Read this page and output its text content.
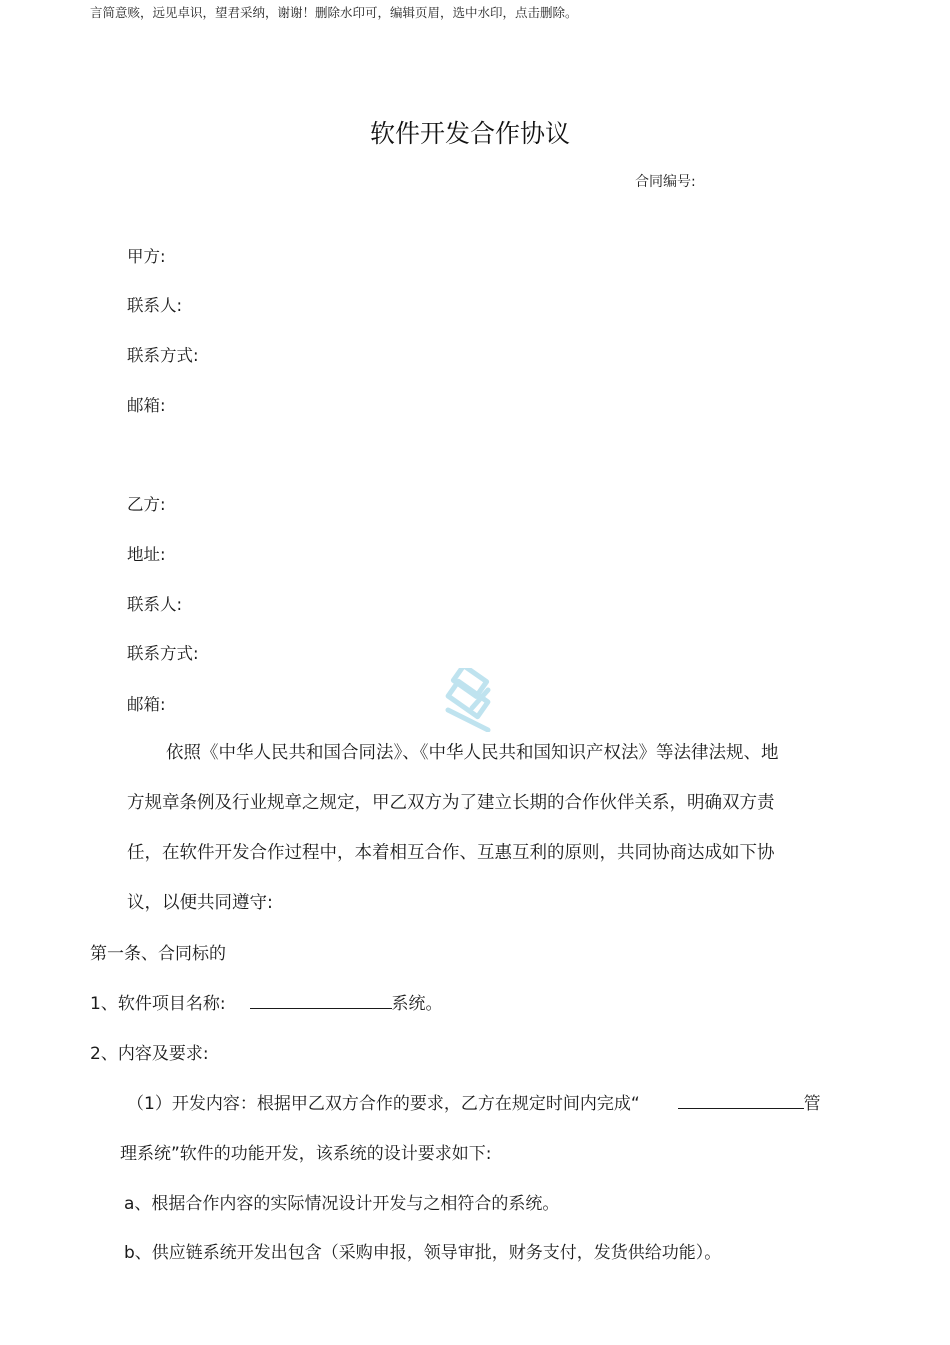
言简意赅，远见卓识，望君采纳，谢谢！删除水印可，编辑页眉，选中水印，点击删除。

软件开发合作协议

合同编号:

甲方:

联系人:

联系方式:

邮箱:

乙方:

地址:

联系人:

联系方式:

邮箱:

依照《中华人民共和国合同法》、《中华人民共和国知识产权法》等法律法规、地

方规章条例及行业规章之规定，甲乙双方为了建立长期的合作伙伴关系，明确双方责

任，在软件开发合作过程中，本着相互合作、互惠互利的原则，共同协商达成如下协

议，以便共同遵守:

第一条、合同标的

1、软件项目名称:	系统。

2、内容及要求:

（1）开发内容：根据甲乙双方合作的要求，乙方在规定时间内完成“	管

理系统”软件的功能开发，该系统的设计要求如下:

a、根据合作内容的实际情况设计开发与之相符合的系统。

b、供应链系统开发出包含（采购申报，领导审批，财务支付，发货供给功能）。
